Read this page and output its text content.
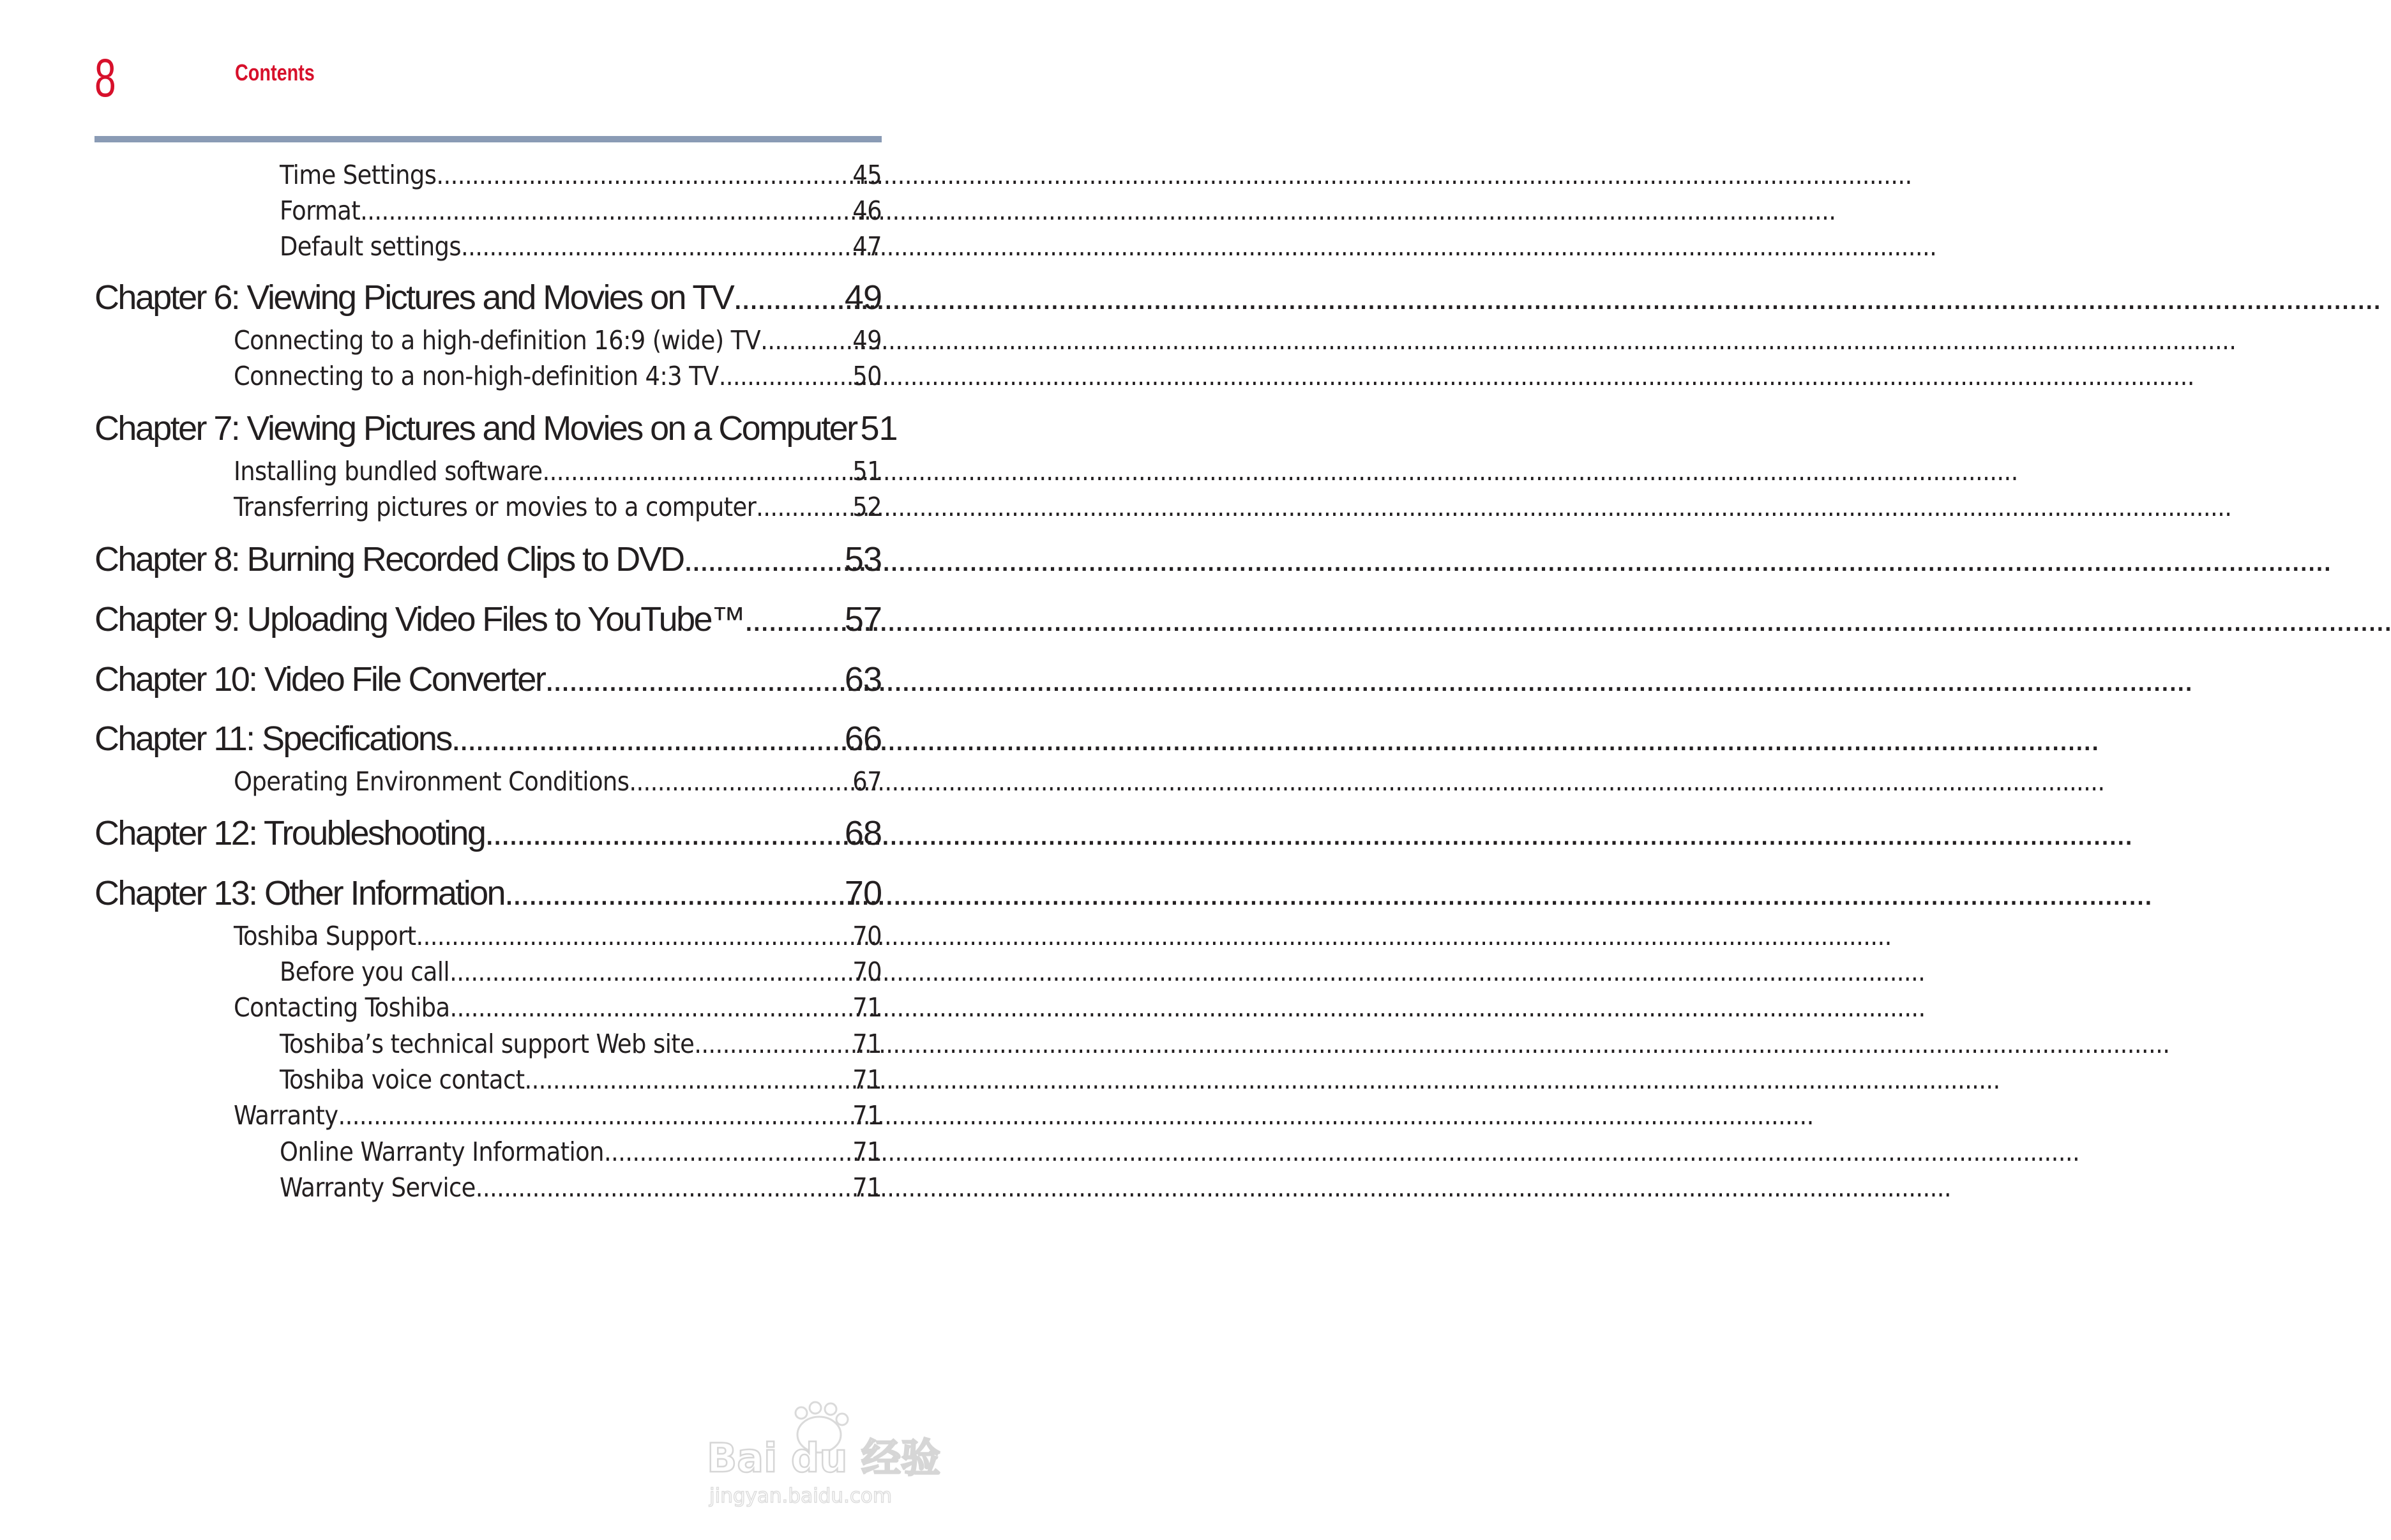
8	Contents
Time Settings .....	45
Format .....	46
Default settings .....	47
Chapter 6: Viewing Pictures and Movies on TV .....	49
Connecting to a high-definition 16:9 (wide) TV .....	49
Connecting to a non-high-definition 4:3 TV .....	50
Chapter 7: Viewing Pictures and Movies on a Computer 51
Installing bundled software .....	51
Transferring pictures or movies to a computer .....	52
Chapter 8: Burning Recorded Clips to DVD .....	53
Chapter 9: Uploading Video Files to YouTube™ .....	57
Chapter 10: Video File Converter .....	63
Chapter 11: Specifications .....	66
Operating Environment Conditions .....	67
Chapter 12: Troubleshooting .....	68
Chapter 13: Other Information .....	70
Toshiba Support .....	70
Before you call .....	70
Contacting Toshiba .....	71
Toshiba’s technical support Web site .....	71
Toshiba voice contact .....	71
Warranty .....	71
Online Warranty Information .....	71
Warranty Service .....	71
Bai du 经验
jingyan.baidu.com
